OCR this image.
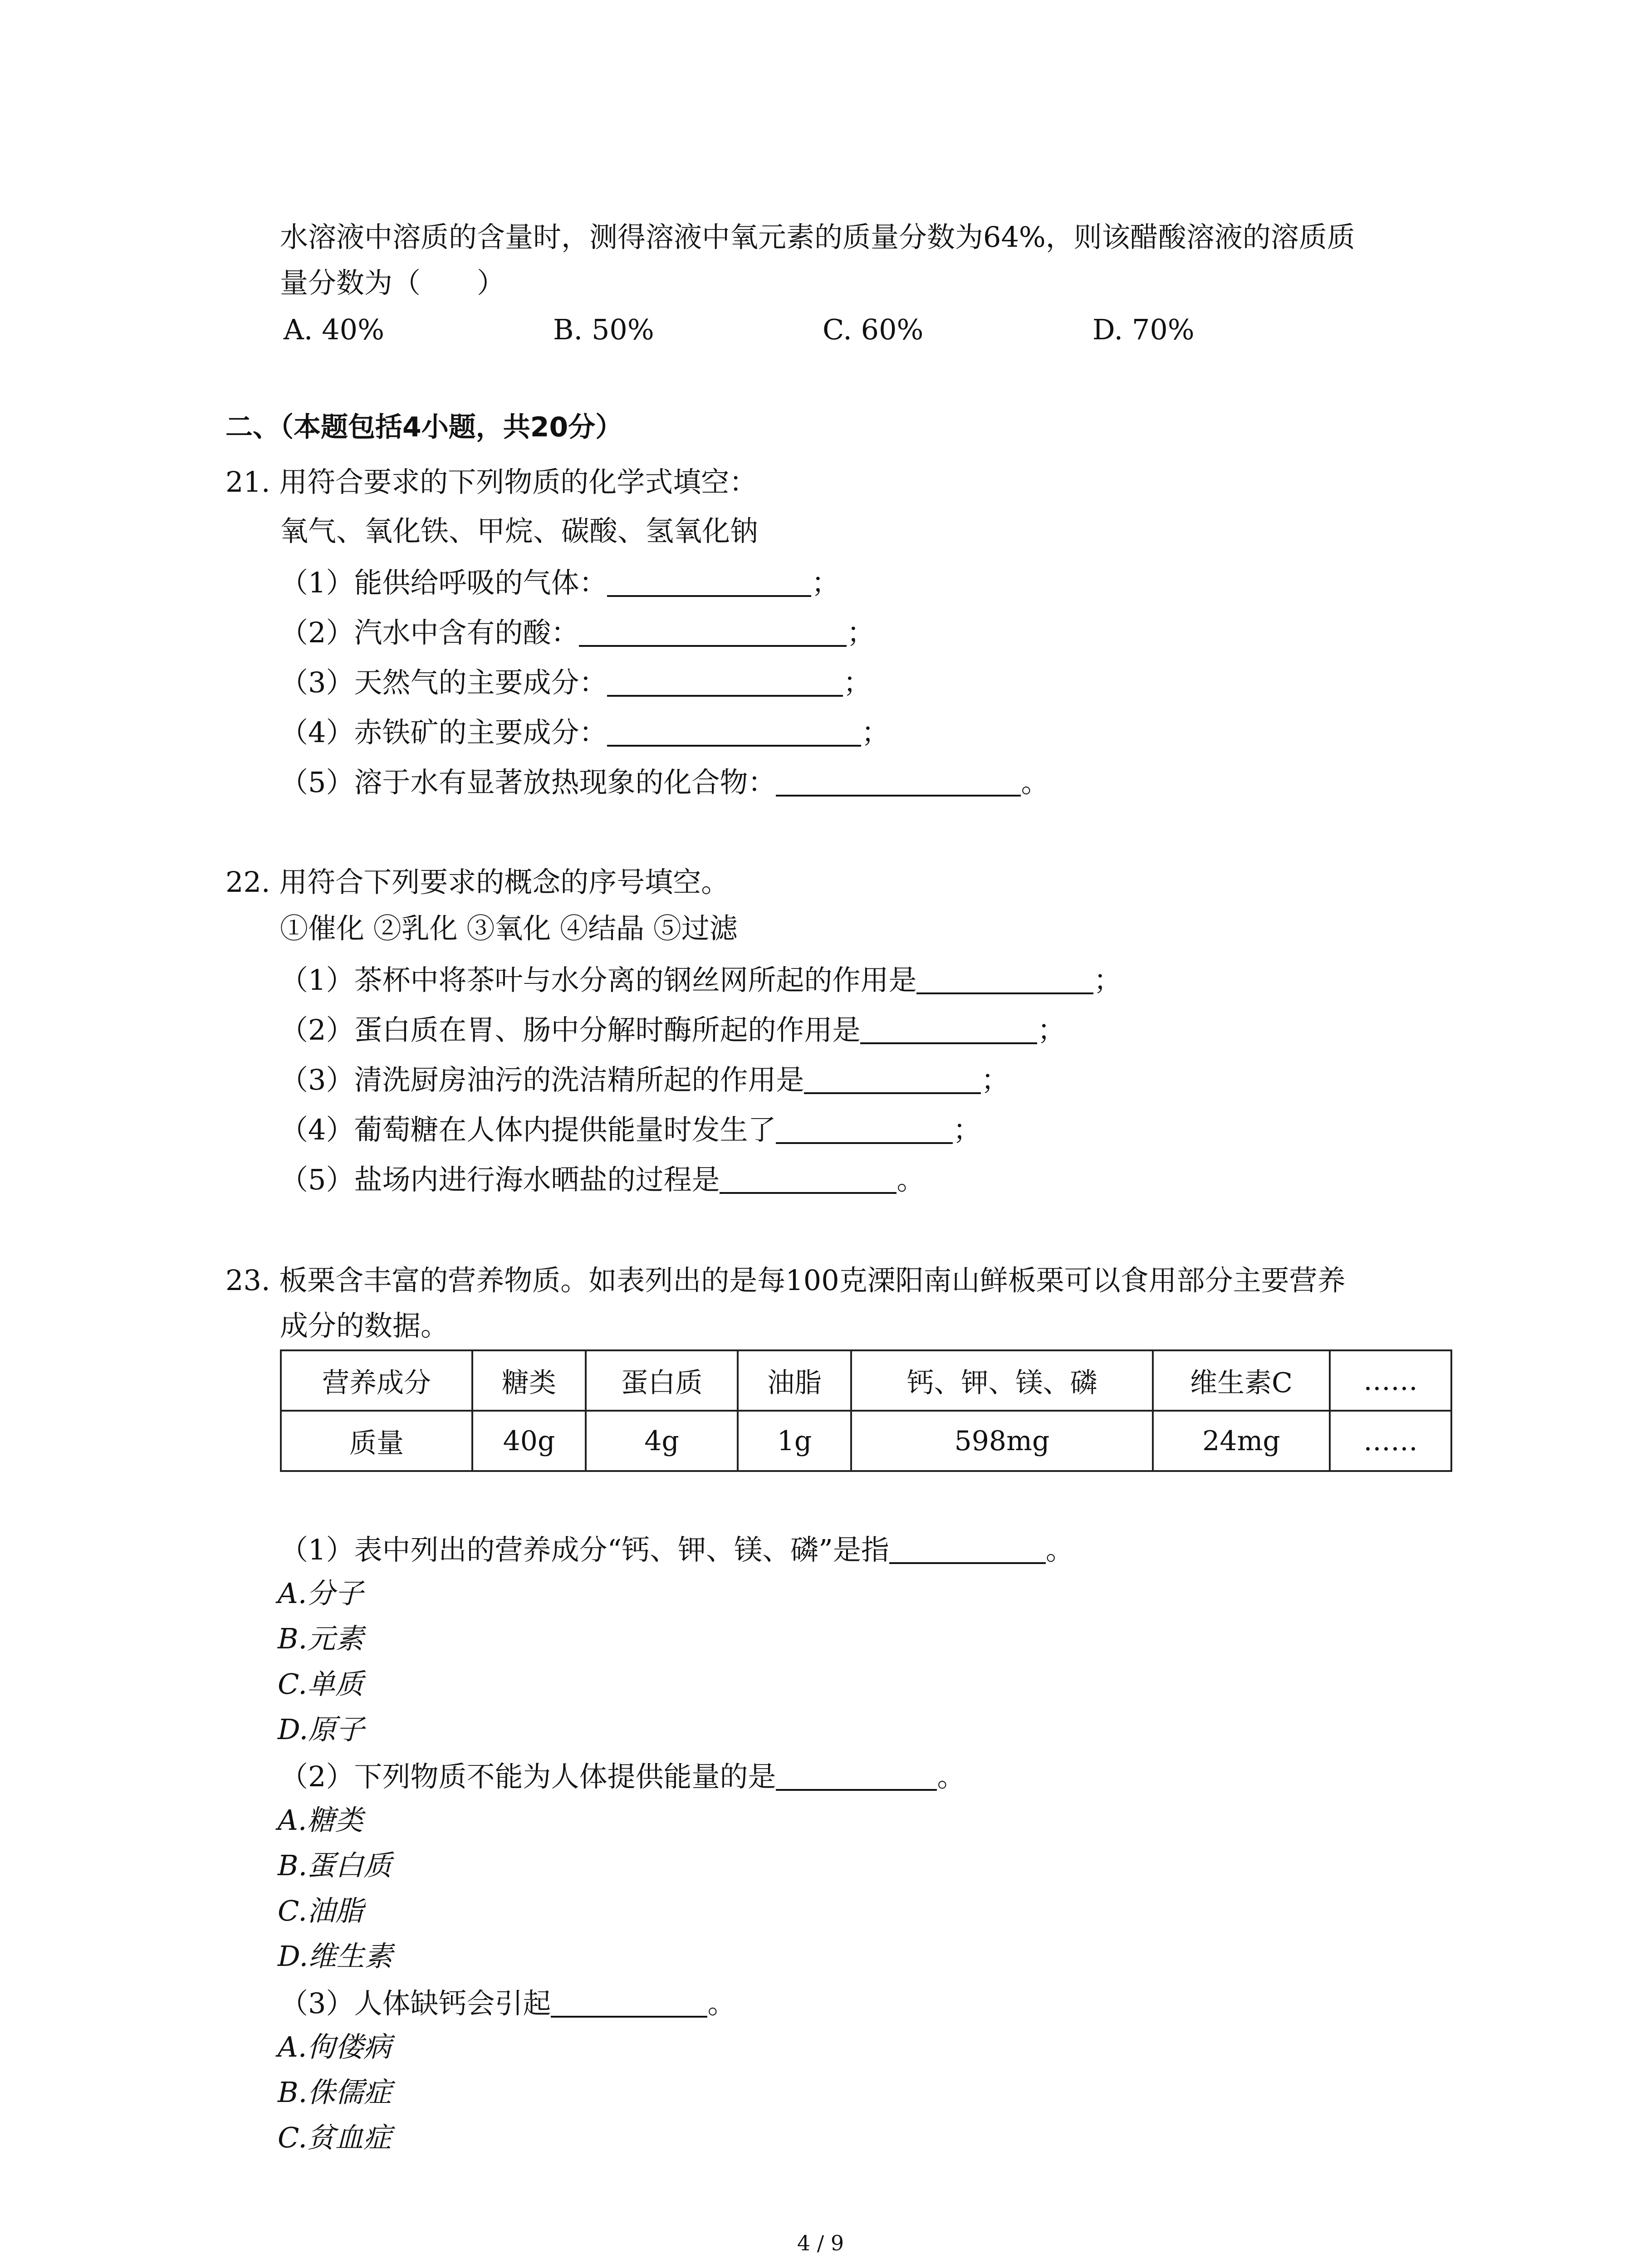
水溶液中溶质的含量时，测得溶液中氧元素的质量分数为64%，则该醋酸溶液的溶质质
量分数为（　　）
A. 40%	B. 50%	C. 60%	D. 70%
二、（本题包括4小题，共20分）
21. 用符合要求的下列物质的化学式填空：
氧气、氧化铁、甲烷、碳酸、氢氧化钠
（1）能供给呼吸的气体：	；
（2）汽水中含有的酸：	；
（3）天然气的主要成分：	；
（4）赤铁矿的主要成分：	；
（5）溶于水有显著放热现象的化合物：	。
22. 用符合下列要求的概念的序号填空。
①催化 ②乳化 ③氧化 ④结晶 ⑤过滤
（1）茶杯中将茶叶与水分离的钢丝网所起的作用是	；
（2）蛋白质在胃、肠中分解时酶所起的作用是	；
（3）清洗厨房油污的洗洁精所起的作用是	；
（4）葡萄糖在人体内提供能量时发生了	；
（5）盐场内进行海水晒盐的过程是	。
23. 板栗含丰富的营养物质。如表列出的是每100克溧阳南山鲜板栗可以食用部分主要营养
成分的数据。
营养成分	糖类	蛋白质	油脂	钙、钾、镁、磷	维生素C	……
质量	40g	4g	1g	598mg	24mg	……
（1）表中列出的营养成分“钙、钾、镁、磷”是指	。
A.分子
B.元素
C.单质
D.原子
（2）下列物质不能为人体提供能量的是	。
A.糖类
B.蛋白质
C.油脂
D.维生素
（3）人体缺钙会引起	。
A.佝偻病
B.侏儒症
C.贫血症
4 / 9
